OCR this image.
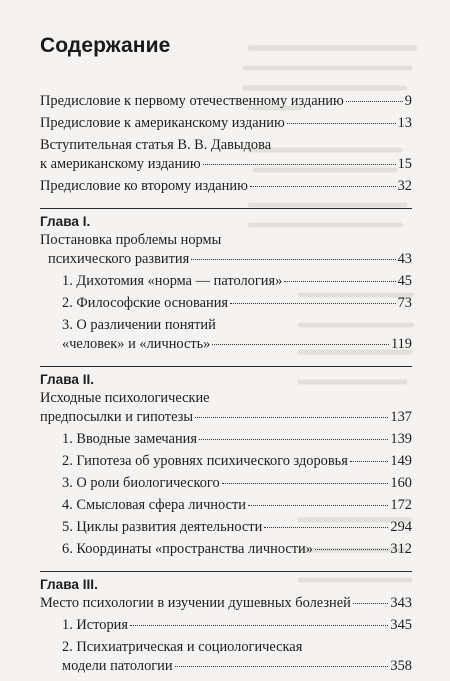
Содержание
Предисловие к первому отечественному изданию	9
Предисловие к американскому изданию	13
Вступительная статья В. В. Давыдова
к американскому изданию	15
Предисловие ко второму изданию	32
Глава I.
Постановка проблемы нормы
психического развития	43
1. Дихотомия «норма — патология»	45
2. Философские основания	73
3. О различении понятий
«человек» и «личность»	119
Глава II.
Исходные психологические
предпосылки и гипотезы	137
1. Вводные замечания	139
2. Гипотеза об уровнях психического здоровья	149
3. О роли биологического	160
4. Смысловая сфера личности	172
5. Циклы развития деятельности	294
6. Координаты «пространства личности»	312
Глава III.
Место психологии в изучении душевных болезней	343
1. История	345
2. Психиатрическая и социологическая
модели патологии	358
